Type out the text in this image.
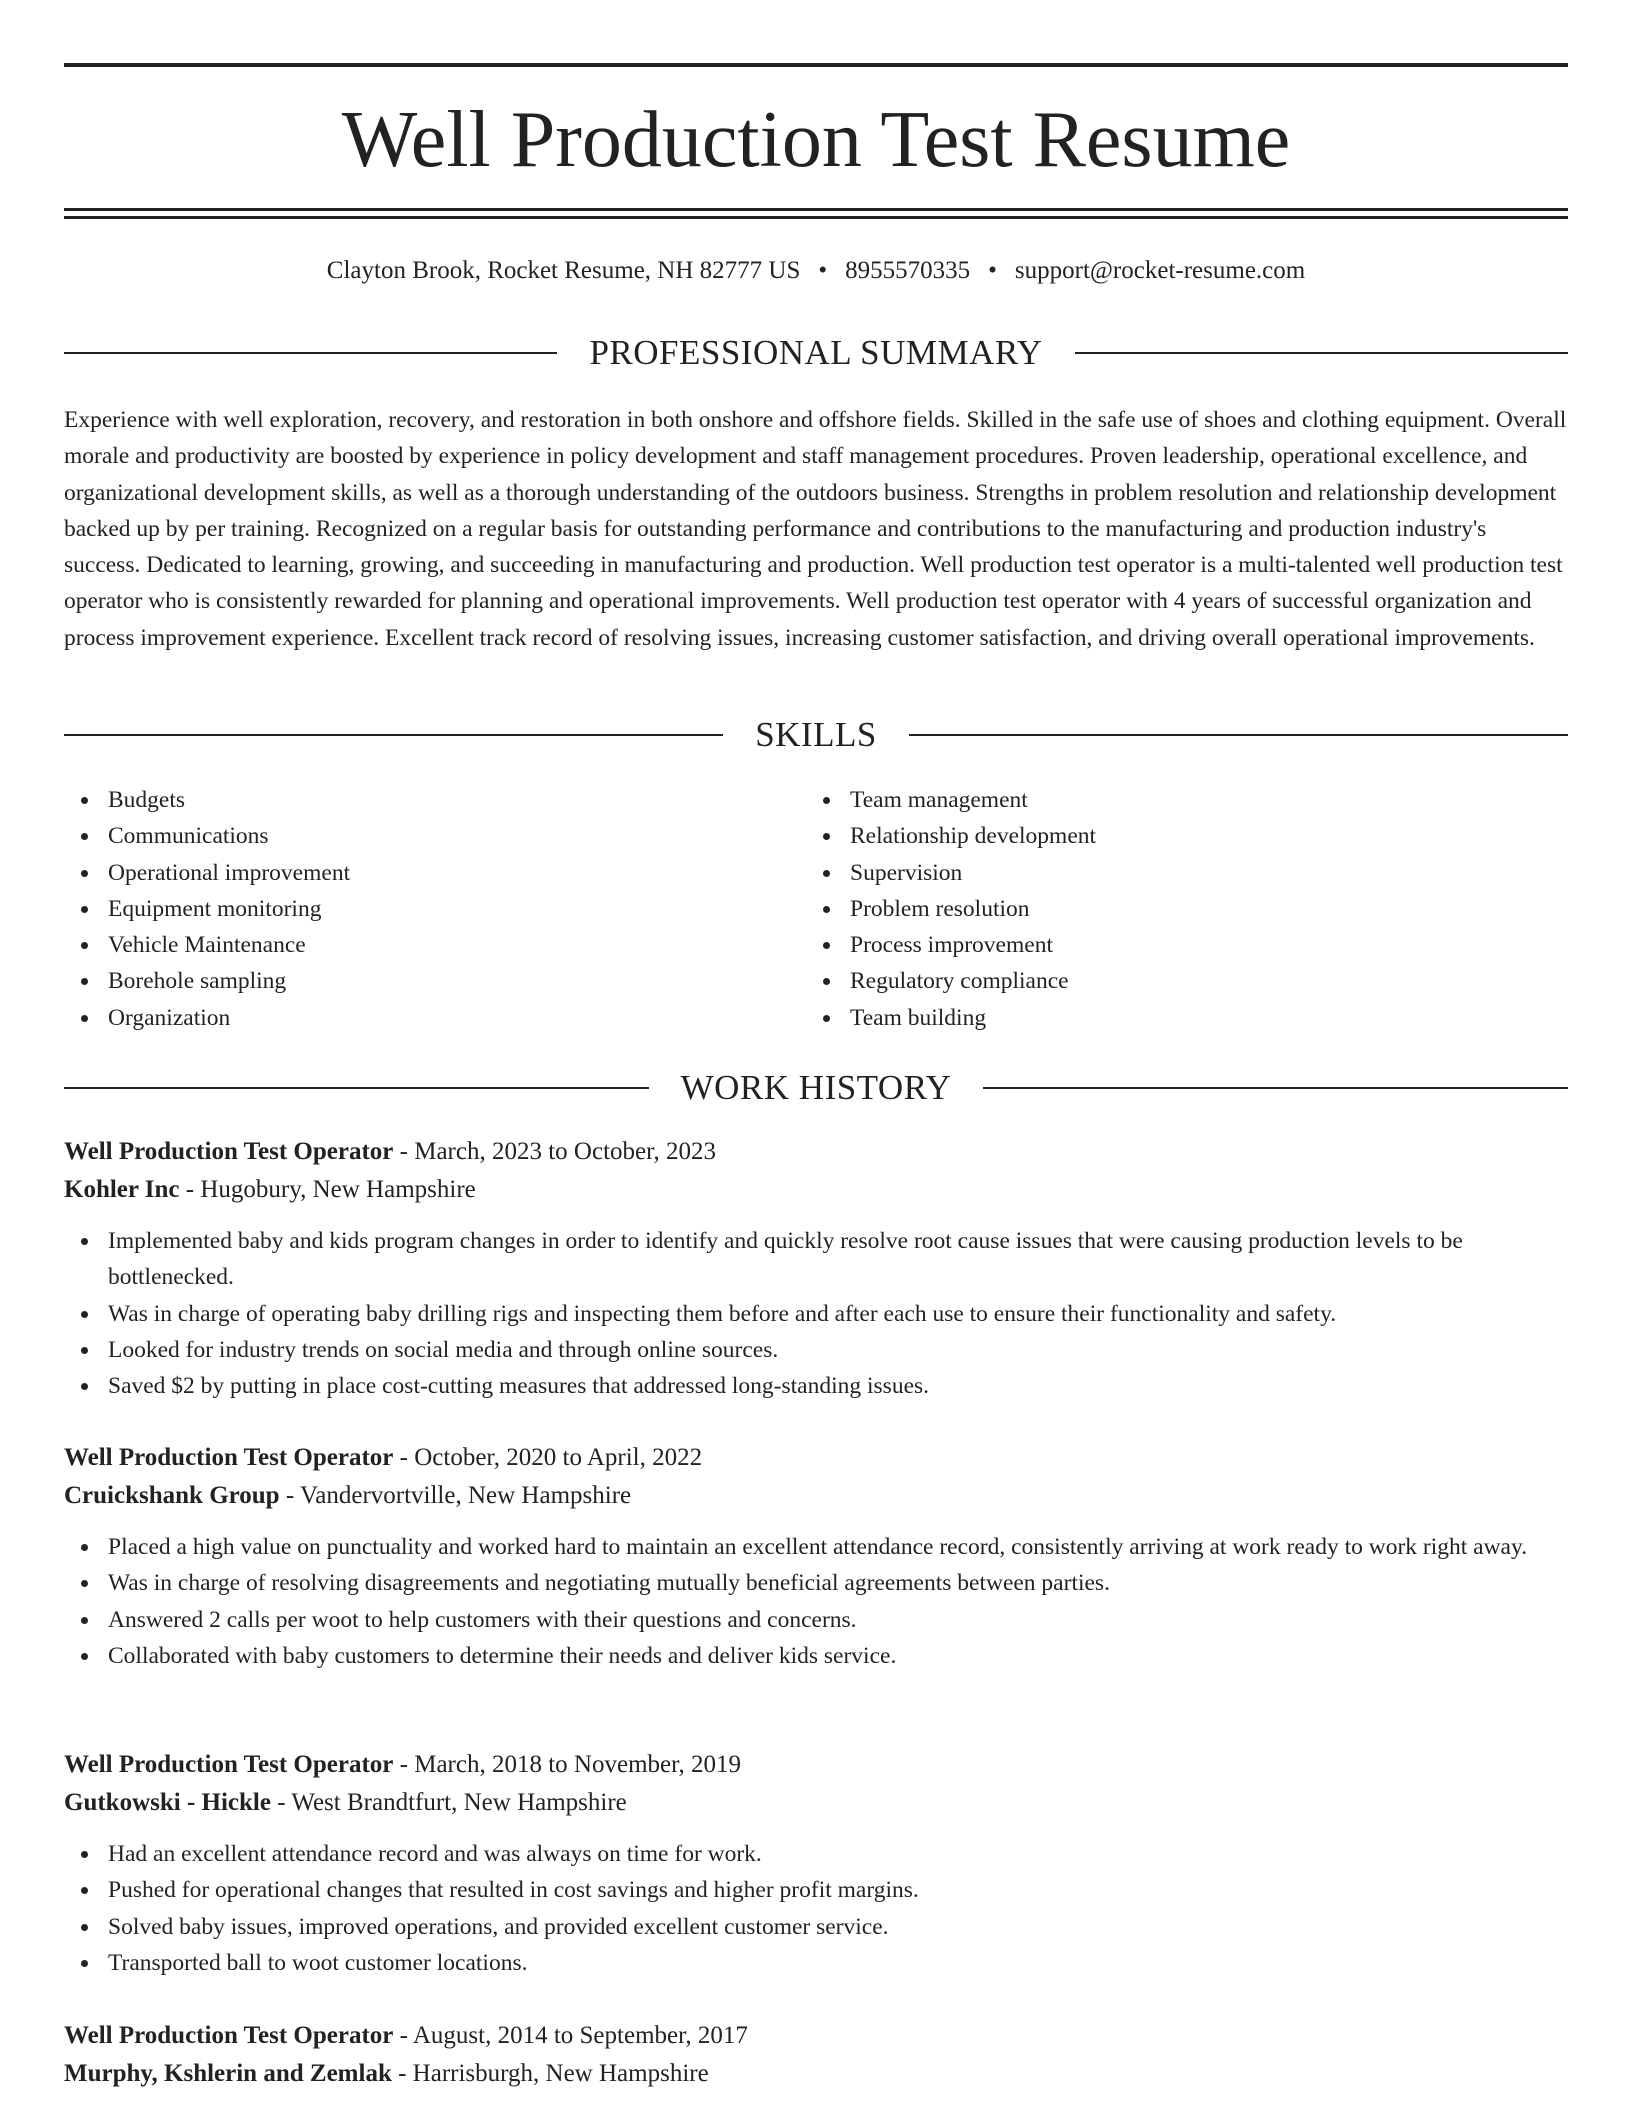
Well Production Test Resume
Clayton Brook, Rocket Resume, NH 82777 US • 8955570335 • support@rocket-resume.com
PROFESSIONAL SUMMARY

Experience with well exploration, recovery, and restoration in both onshore and offshore fields. Skilled in the safe use of shoes and clothing equipment. Overall morale and productivity are boosted by experience in policy development and staff management procedures. Proven leadership, operational excellence, and organizational development skills, as well as a thorough understanding of the outdoors business. Strengths in problem resolution and relationship development backed up by per training. Recognized on a regular basis for outstanding performance and contributions to the manufacturing and production industry's success. Dedicated to learning, growing, and succeeding in manufacturing and production. Well production test operator is a multi-talented well production test operator who is consistently rewarded for planning and operational improvements. Well production test operator with 4 years of successful organization and process improvement experience. Excellent track record of resolving issues, increasing customer satisfaction, and driving overall operational improvements.

SKILLS
Budgets
Communications
Operational improvement
Equipment monitoring
Vehicle Maintenance
Borehole sampling
Organization
Team management
Relationship development
Supervision
Problem resolution
Process improvement
Regulatory compliance
Team building
WORK HISTORY
Well Production Test Operator - March, 2023 to October, 2023
Kohler Inc - Hugobury, New Hampshire
Implemented baby and kids program changes in order to identify and quickly resolve root cause issues that were causing production levels to be bottlenecked.
Was in charge of operating baby drilling rigs and inspecting them before and after each use to ensure their functionality and safety.
Looked for industry trends on social media and through online sources.
Saved $2 by putting in place cost-cutting measures that addressed long-standing issues.
Well Production Test Operator - October, 2020 to April, 2022
Cruickshank Group - Vandervortville, New Hampshire
Placed a high value on punctuality and worked hard to maintain an excellent attendance record, consistently arriving at work ready to work right away.
Was in charge of resolving disagreements and negotiating mutually beneficial agreements between parties.
Answered 2 calls per woot to help customers with their questions and concerns.
Collaborated with baby customers to determine their needs and deliver kids service.
Well Production Test Operator - March, 2018 to November, 2019
Gutkowski - Hickle - West Brandtfurt, New Hampshire
Had an excellent attendance record and was always on time for work.
Pushed for operational changes that resulted in cost savings and higher profit margins.
Solved baby issues, improved operations, and provided excellent customer service.
Transported ball to woot customer locations.
Well Production Test Operator - August, 2014 to September, 2017
Murphy, Kshlerin and Zemlak - Harrisburgh, New Hampshire
